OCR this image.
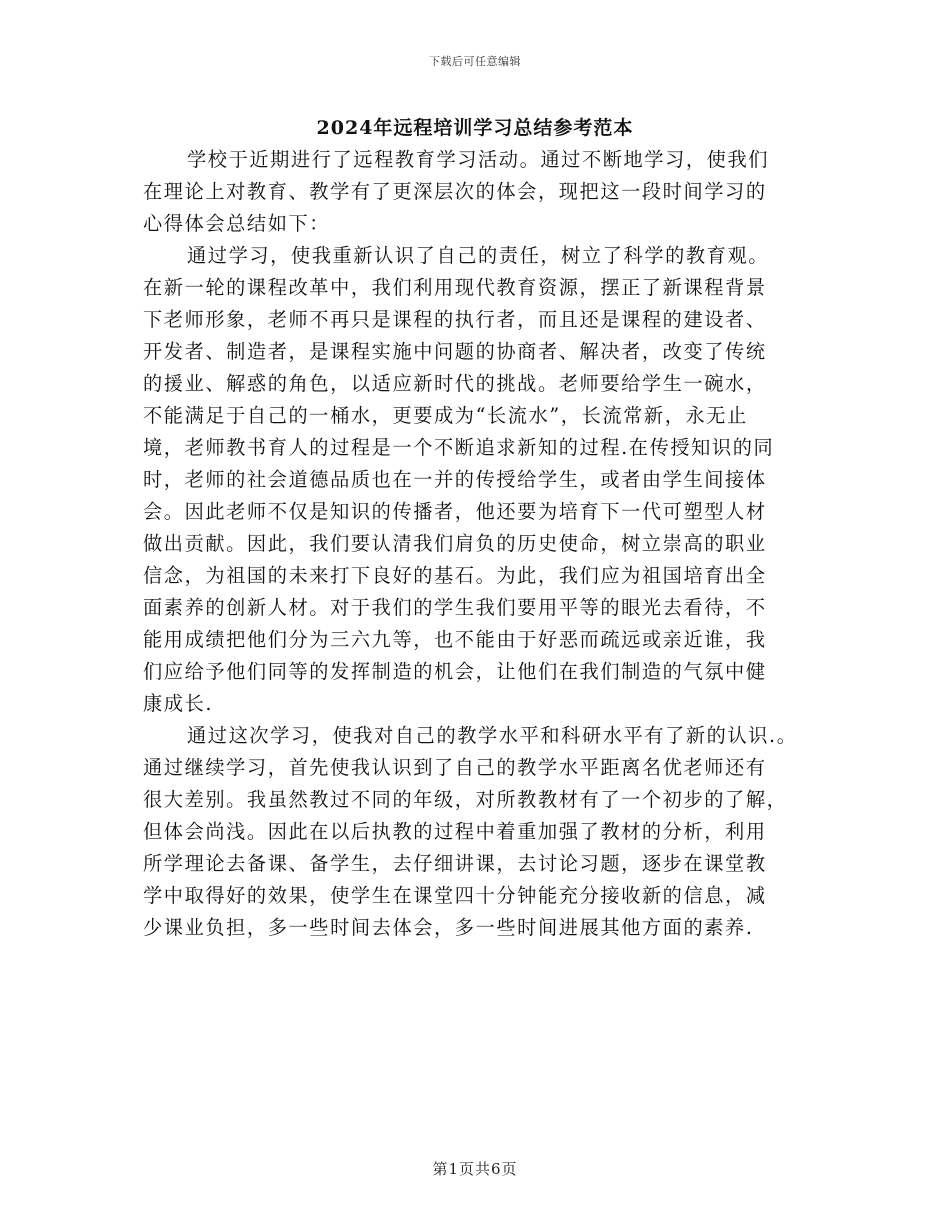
下载后可任意编辑
2024年远程培训学习总结参考范本
学校于近期进行了远程教育学习活动。通过不断地学习，使我们
在理论上对教育、教学有了更深层次的体会，现把这一段时间学习的
心得体会总结如下：
通过学习，使我重新认识了自己的责任，树立了科学的教育观。
在新一轮的课程改革中，我们利用现代教育资源，摆正了新课程背景
下老师形象，老师不再只是课程的执行者，而且还是课程的建设者、
开发者、制造者，是课程实施中问题的协商者、解决者，改变了传统
的援业、解惑的角色，以适应新时代的挑战。老师要给学生一碗水，
不能满足于自己的一桶水，更要成为“长流水”，长流常新，永无止
境，老师教书育人的过程是一个不断追求新知的过程.在传授知识的同
时，老师的社会道德品质也在一并的传授给学生，或者由学生间接体
会。因此老师不仅是知识的传播者，他还要为培育下一代可塑型人材
做出贡献。因此，我们要认清我们肩负的历史使命，树立崇高的职业
信念，为祖国的未来打下良好的基石。为此，我们应为祖国培育出全
面素养的创新人材。对于我们的学生我们要用平等的眼光去看待，不
能用成绩把他们分为三六九等，也不能由于好恶而疏远或亲近谁，我
们应给予他们同等的发挥制造的机会，让他们在我们制造的气氛中健
康成长.
通过这次学习，使我对自己的教学水平和科研水平有了新的认识.。
通过继续学习，首先使我认识到了自己的教学水平距离名优老师还有
很大差别。我虽然教过不同的年级，对所教教材有了一个初步的了解，
但体会尚浅。因此在以后执教的过程中着重加强了教材的分析，利用
所学理论去备课、备学生，去仔细讲课，去讨论习题，逐步在课堂教
学中取得好的效果，使学生在课堂四十分钟能充分接收新的信息，减
少课业负担，多一些时间去体会，多一些时间进展其他方面的素养.
第1页共6页
